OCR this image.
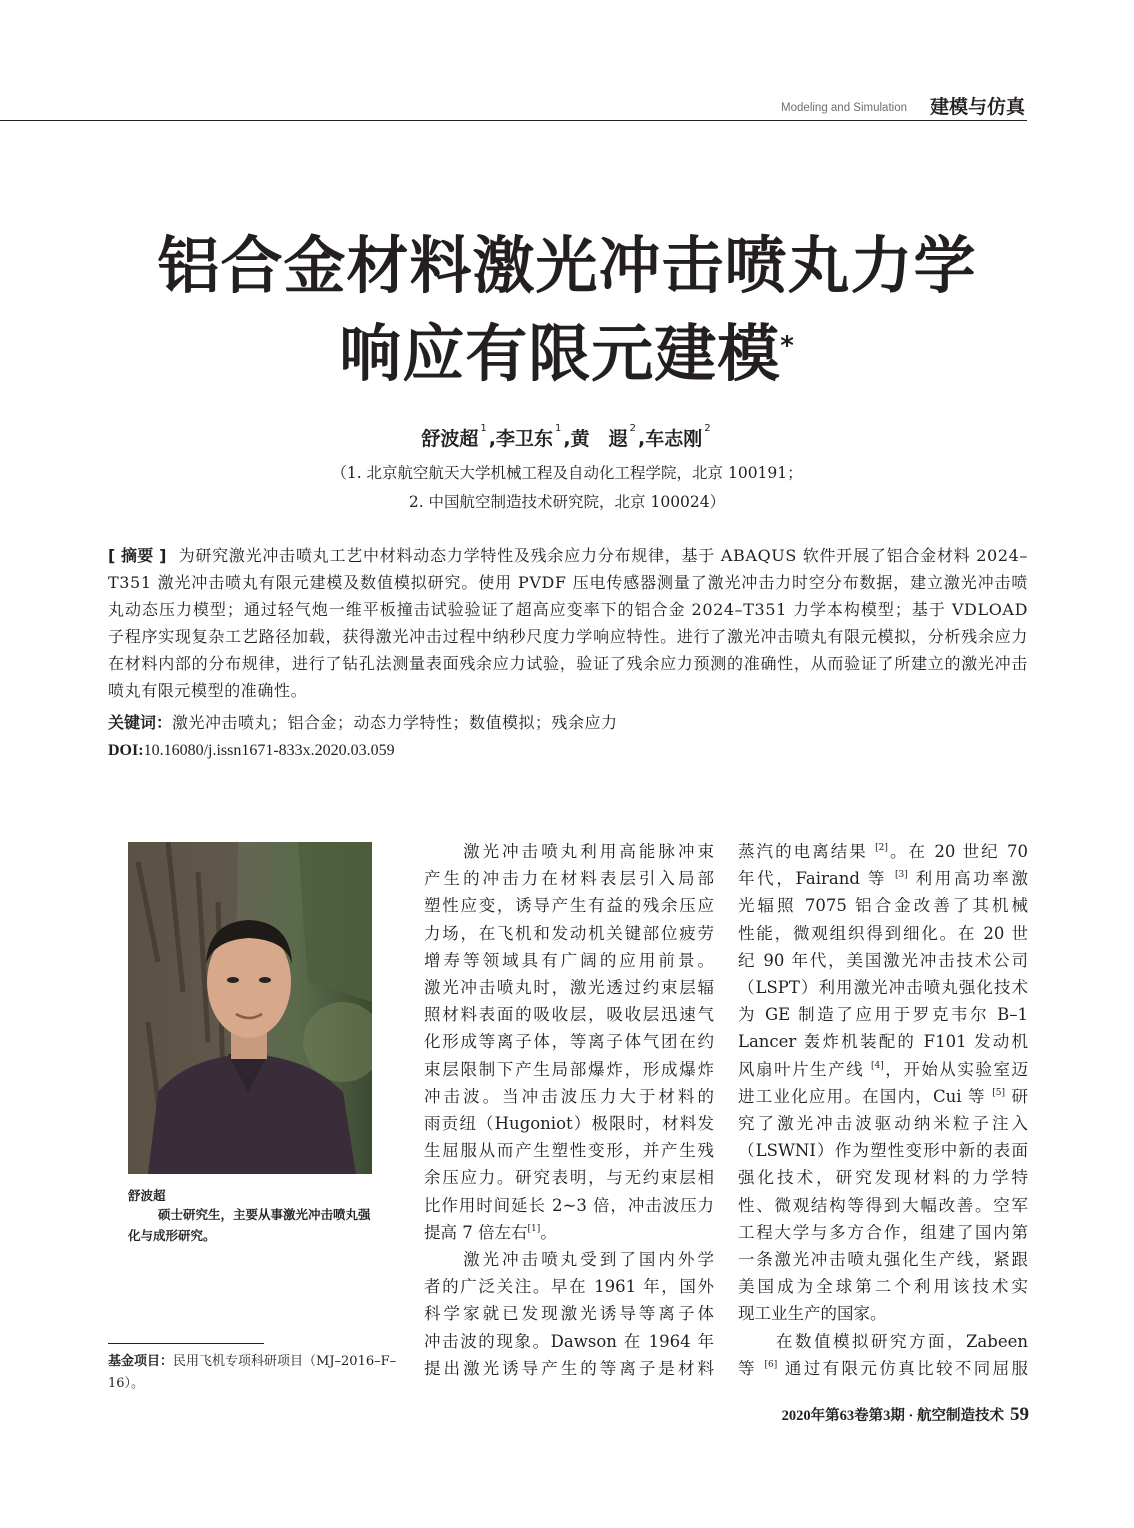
Modeling and Simulation 建模与仿真
铝合金材料激光冲击喷丸力学
响应有限元建模*
舒波超 $^1$ ,李卫东 $^1$ ,黄　遐 $^2$ ,车志刚 $^2$
（1. 北京航空航天大学机械工程及自动化工程学院，北京 100191；
2. 中国航空制造技术研究院，北京 100024）
[ 摘要 ] 为研究激光冲击喷丸工艺中材料动态力学特性及残余应力分布规律，基于 ABAQUS 软件开展了铝合金材料 2024–T351 激光冲击喷丸有限元建模及数值模拟研究。使用 PVDF 压电传感器测量了激光冲击力时空分布数据，建立激光冲击喷丸动态压力模型；通过轻气炮一维平板撞击试验验证了超高应变率下的铝合金 2024–T351 力学本构模型；基于 VDLOAD 子程序实现复杂工艺路径加载，获得激光冲击过程中纳秒尺度力学响应特性。进行了激光冲击喷丸有限元模拟，分析残余应力在材料内部的分布规律，进行了钻孔法测量表面残余应力试验，验证了残余应力预测的准确性，从而验证了所建立的激光冲击喷丸有限元模型的准确性。
关键词：激光冲击喷丸；铝合金；动态力学特性；数值模拟；残余应力
DOI:10.16080/j.issn1671-833x.2020.03.059
舒波超
硕士研究生，主要从事激光冲击喷丸强化与成形研究。
基金项目：民用飞机专项科研项目（MJ–2016–F–16）。
　　激光冲击喷丸利用高能脉冲束
产生的冲击力在材料表层引入局部
塑性应变，诱导产生有益的残余压应
力场，在飞机和发动机关键部位疲劳
增寿等领域具有广阔的应用前景。
激光冲击喷丸时，激光透过约束层辐
照材料表面的吸收层，吸收层迅速气
化形成等离子体，等离子体气团在约
束层限制下产生局部爆炸，形成爆炸
冲击波。当冲击波压力大于材料的
雨贡纽（Hugoniot）极限时，材料发
生屈服从而产生塑性变形，并产生残
余压应力。研究表明，与无约束层相
比作用时间延长 2~3 倍，冲击波压力
提高 7 倍左右[1]。
　　激光冲击喷丸受到了国内外学
者的广泛关注。早在 1961 年，国外
科学家就已发现激光诱导等离子体
冲击波的现象。Dawson 在 1964 年
提出激光诱导产生的等离子是材料
蒸汽的电离结果 [2]。在 20 世纪 70
年代，Fairand 等 [3] 利用高功率激
光辐照 7075 铝合金改善了其机械
性能，微观组织得到细化。在 20 世
纪 90 年代，美国激光冲击技术公司
（LSPT）利用激光冲击喷丸强化技术
为 GE 制造了应用于罗克韦尔 B–1
Lancer 轰炸机装配的 F101 发动机
风扇叶片生产线 [4]，开始从实验室迈
进工业化应用。在国内，Cui 等 [5] 研
究了激光冲击波驱动纳米粒子注入
（LSWNI）作为塑性变形中新的表面
强化技术，研究发现材料的力学特
性、微观结构等得到大幅改善。空军
工程大学与多方合作，组建了国内第
一条激光冲击喷丸强化生产线，紧跟
美国成为全球第二个利用该技术实
现工业生产的国家。
　　在数值模拟研究方面，Zabeen
等 [6] 通过有限元仿真比较不同屈服
2020年第63卷第3期 · 航空制造技术 59
